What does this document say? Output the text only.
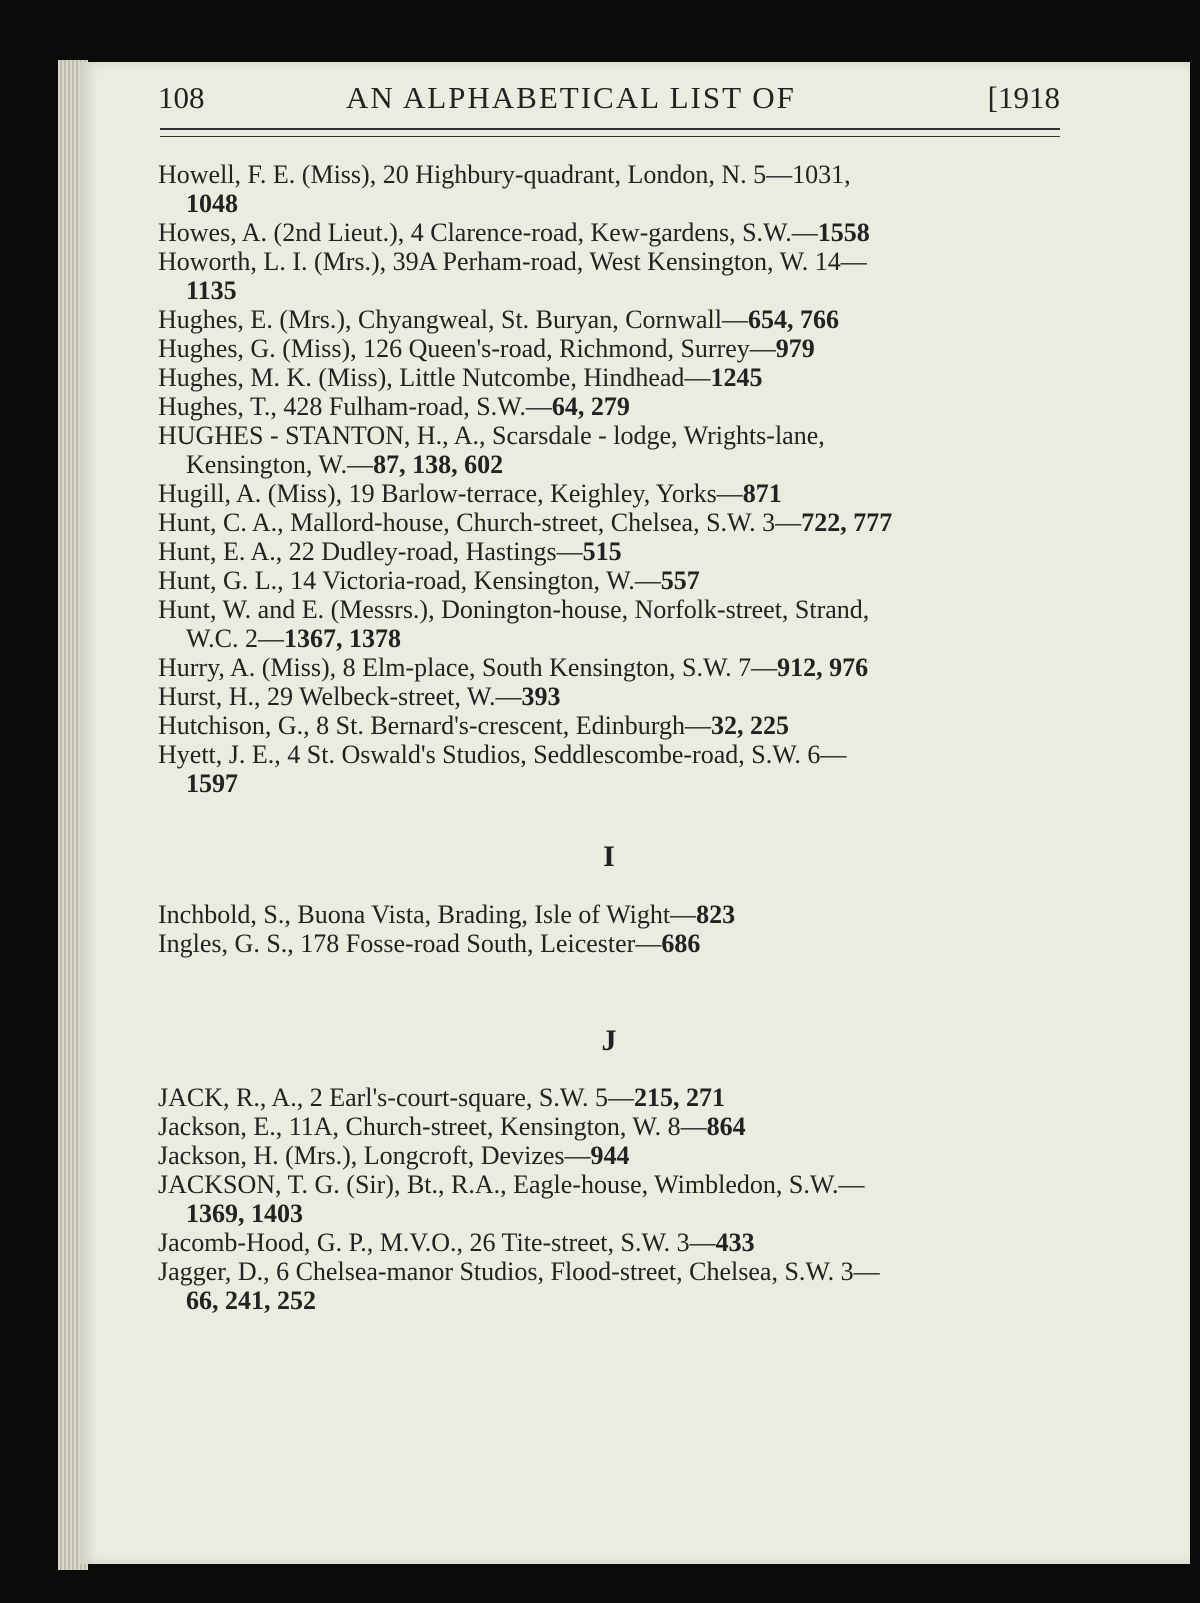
108	AN ALPHABETICAL LIST OF	[1918
Howell, F. E. (Miss), 20 Highbury-quadrant, London, N. 5—1031,
1048
Howes, A. (2nd Lieut.), 4 Clarence-road, Kew-gardens, S.W.—1558
Howorth, L. I. (Mrs.), 39A Perham-road, West Kensington, W. 14—
1135
Hughes, E. (Mrs.), Chyangweal, St. Buryan, Cornwall—654, 766
Hughes, G. (Miss), 126 Queen's-road, Richmond, Surrey—979
Hughes, M. K. (Miss), Little Nutcombe, Hindhead—1245
Hughes, T., 428 Fulham-road, S.W.—64, 279
HUGHES - STANTON, H., A., Scarsdale - lodge, Wrights-lane,
Kensington, W.—87, 138, 602
Hugill, A. (Miss), 19 Barlow-terrace, Keighley, Yorks—871
Hunt, C. A., Mallord-house, Church-street, Chelsea, S.W. 3—722, 777
Hunt, E. A., 22 Dudley-road, Hastings—515
Hunt, G. L., 14 Victoria-road, Kensington, W.—557
Hunt, W. and E. (Messrs.), Donington-house, Norfolk-street, Strand,
W.C. 2—1367, 1378
Hurry, A. (Miss), 8 Elm-place, South Kensington, S.W. 7—912, 976
Hurst, H., 29 Welbeck-street, W.—393
Hutchison, G., 8 St. Bernard's-crescent, Edinburgh—32, 225
Hyett, J. E., 4 St. Oswald's Studios, Seddlescombe-road, S.W. 6—
1597
I
Inchbold, S., Buona Vista, Brading, Isle of Wight—823
Ingles, G. S., 178 Fosse-road South, Leicester—686
J
JACK, R., A., 2 Earl's-court-square, S.W. 5—215, 271
Jackson, E., 11A, Church-street, Kensington, W. 8—864
Jackson, H. (Mrs.), Longcroft, Devizes—944
JACKSON, T. G. (Sir), Bt., R.A., Eagle-house, Wimbledon, S.W.—
1369, 1403
Jacomb-Hood, G. P., M.V.O., 26 Tite-street, S.W. 3—433
Jagger, D., 6 Chelsea-manor Studios, Flood-street, Chelsea, S.W. 3—
66, 241, 252
